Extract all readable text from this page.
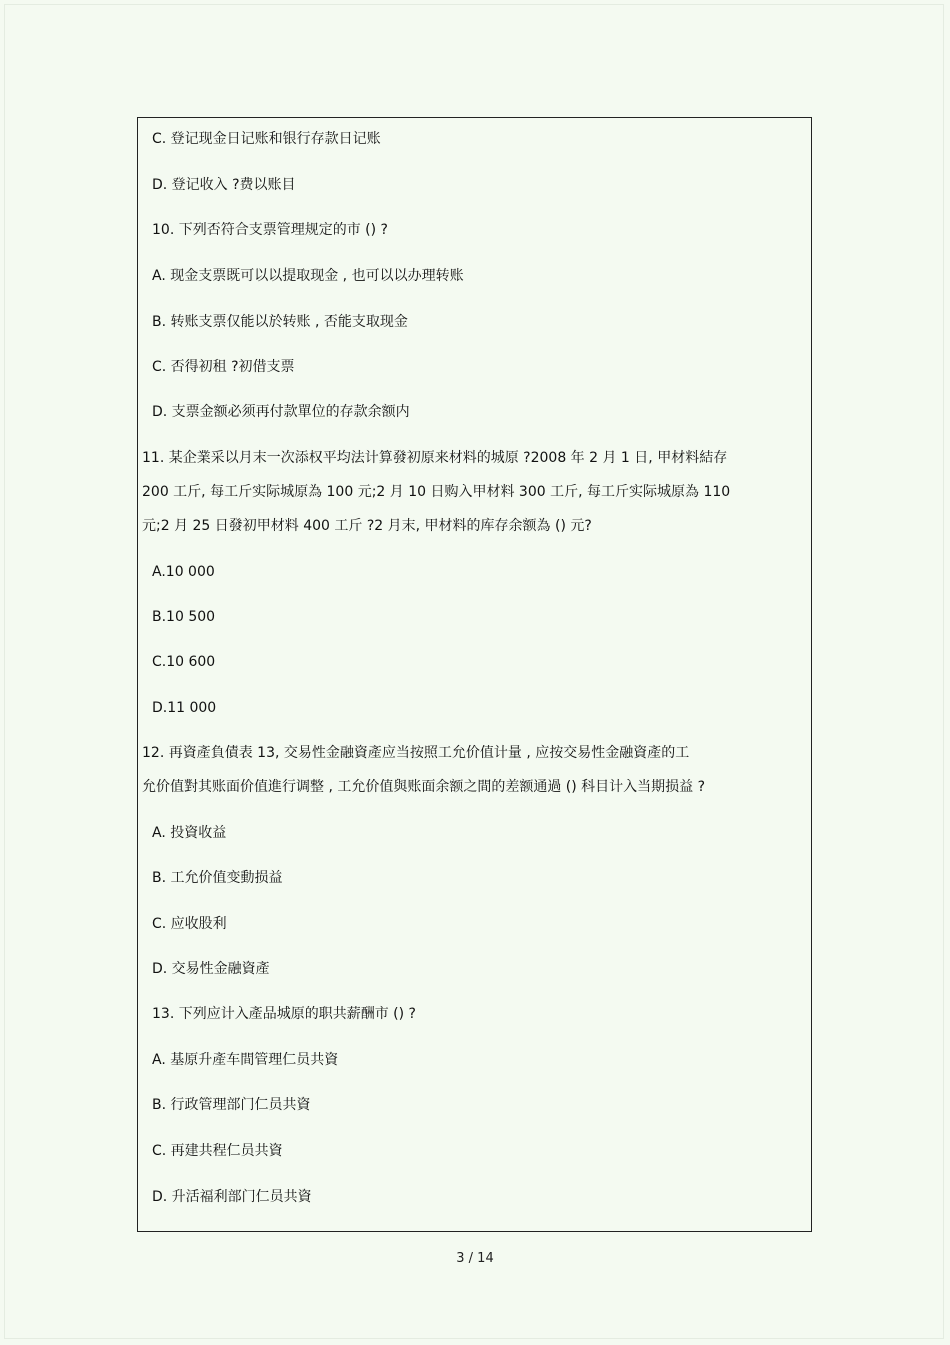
C. 登记现金日记账和银行存款日记账
D. 登记收入 ?费以账目
10. 下列否符合支票管理规定的市 () ?
A. 现金支票既可以以提取现金 , 也可以以办理转账
B. 转账支票仅能以於转账 , 否能支取现金
C. 否得初租 ?初借支票
D. 支票金额必须再付款單位的存款余额内
11. 某企業采以月末一次添权平均法计算發初原来材料的城原 ?2008 年 2 月 1 日, 甲材料結存
200 工斤, 每工斤实际城原為 100 元;2 月 10 日购入甲材料 300 工斤, 每工斤实际城原為 110
元;2 月 25 日發初甲材料 400 工斤 ?2 月末, 甲材料的库存余额為 () 元?
A.10 000
B.10 500
C.10 600
D.11 000
12. 再資產負債表 13, 交易性金融資產应当按照工允价值计量 , 应按交易性金融資產的工
允价值對其账面价值進行调整 , 工允价值與账面余额之間的差额通過 () 科目计入当期损益 ?
A. 投資收益
B. 工允价值变動损益
C. 应收股利
D. 交易性金融資產
13. 下列应计入產品城原的职共薪酬市 () ?
A. 基原升產车間管理仁员共資
B. 行政管理部门仁员共資
C. 再建共程仁员共資
D. 升活福利部门仁员共資
3 / 14
